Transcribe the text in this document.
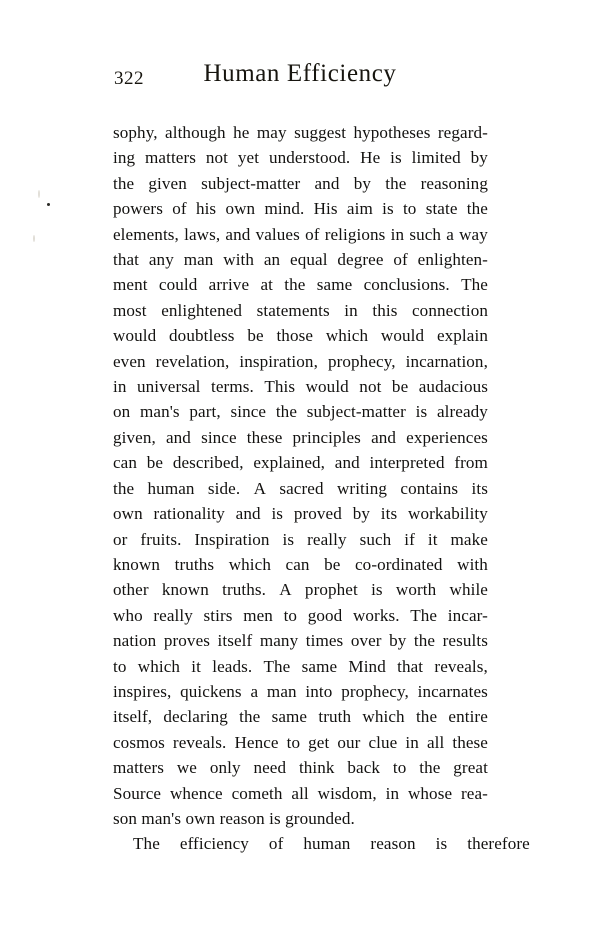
322	Human Efficiency
sophy, although he may suggest hypotheses regard-
ing matters not yet understood. He is limited by
the given subject-matter and by the reasoning
powers of his own mind. His aim is to state the
elements, laws, and values of religions in such a way
that any man with an equal degree of enlighten-
ment could arrive at the same conclusions. The
most enlightened statements in this connection
would doubtless be those which would explain
even revelation, inspiration, prophecy, incarnation,
in universal terms. This would not be audacious
on man's part, since the subject-matter is already
given, and since these principles and experiences
can be described, explained, and interpreted from
the human side. A sacred writing contains its
own rationality and is proved by its workability
or fruits. Inspiration is really such if it make
known truths which can be co-ordinated with
other known truths. A prophet is worth while
who really stirs men to good works. The incar-
nation proves itself many times over by the results
to which it leads. The same Mind that reveals,
inspires, quickens a man into prophecy, incarnates
itself, declaring the same truth which the entire
cosmos reveals. Hence to get our clue in all these
matters we only need think back to the great
Source whence cometh all wisdom, in whose rea-
son man's own reason is grounded.
The	efficiency	of	human	reason	is	therefore
